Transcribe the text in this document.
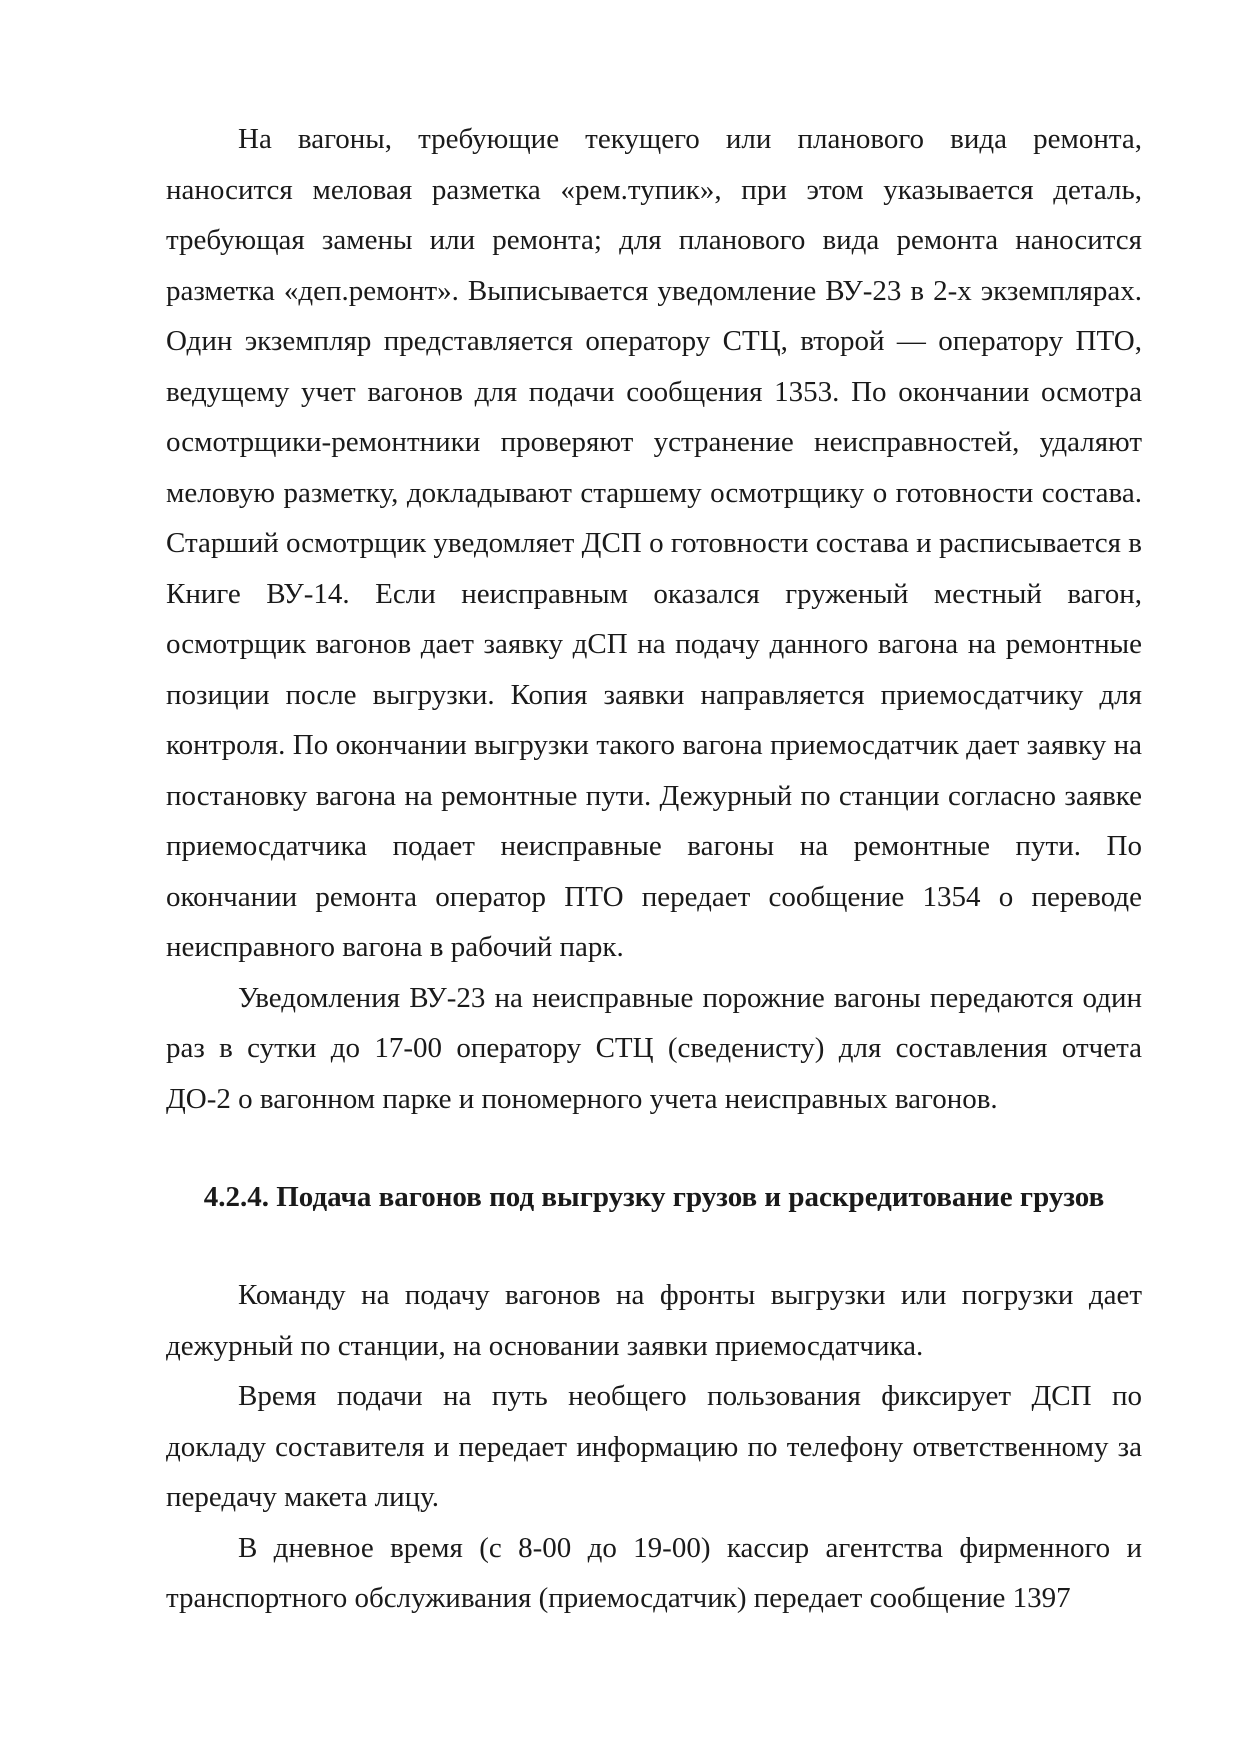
На вагоны, требующие текущего или планового вида ремонта, наносится меловая разметка «рем.тупик», при этом указывается деталь, требующая замены или ремонта; для планового вида ремонта наносится разметка «деп.ремонт». Выписывается уведомление ВУ-23 в 2-х экземплярах. Один экземпляр представляется оператору СТЦ, второй — оператору ПТО, ведущему учет вагонов для подачи сообщения 1353. По окончании осмотра осмотрщики-ремонтники проверяют устранение неисправностей, удаляют меловую разметку, докладывают старшему осмотрщику о готовности состава. Старший осмотрщик уведомляет ДСП о готовности состава и расписывается в Книге ВУ-14. Если неисправным оказался груженый местный вагон, осмотрщик вагонов дает заявку дСП на подачу данного вагона на ремонтные позиции после выгрузки. Копия заявки направляется приемосдатчику для контроля. По окончании выгрузки такого вагона приемосдатчик дает заявку на постановку вагона на ремонтные пути. Дежурный по станции согласно заявке приемосдатчика подает неисправные вагоны на ремонтные пути. По окончании ремонта оператор ПТО передает сообщение 1354 о переводе неисправного вагона в рабочий парк.

Уведомления ВУ-23 на неисправные порожние вагоны передаются один раз в сутки до 17-00 оператору СТЦ (сведенисту) для составления отчета ДО-2 о вагонном парке и пономерного учета неисправных вагонов.

4.2.4. Подача вагонов под выгрузку грузов и раскредитование грузов

Команду на подачу вагонов на фронты выгрузки или погрузки дает дежурный по станции, на основании заявки приемосдатчика.

Время подачи на путь необщего пользования фиксирует ДСП по докладу составителя и передает информацию по телефону ответственному за передачу макета лицу.

В дневное время (с 8-00 до 19-00) кассир агентства фирменного и транспортного обслуживания (приемосдатчик) передает сообщение 1397
